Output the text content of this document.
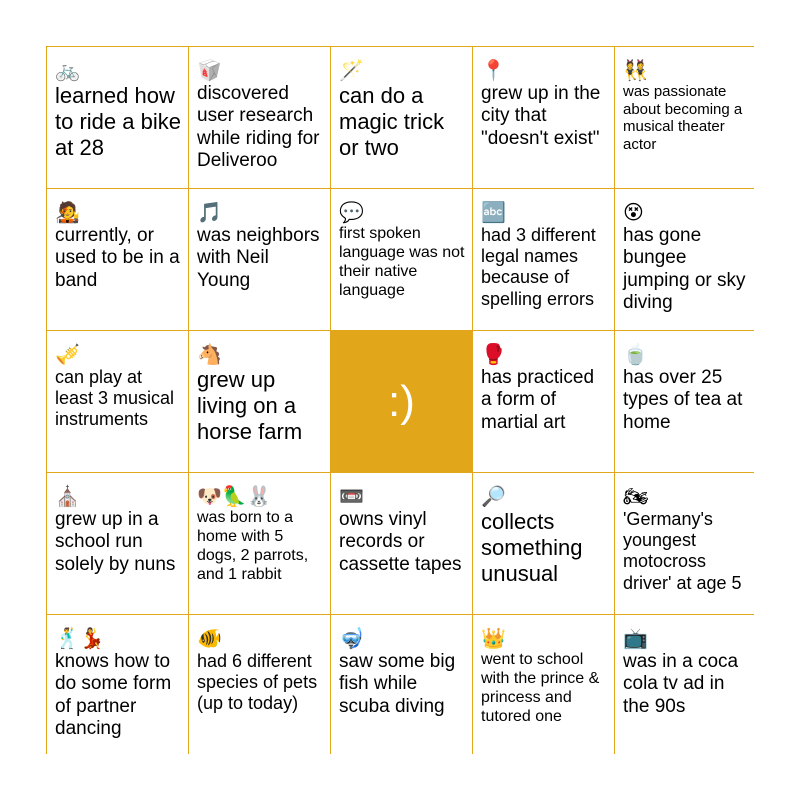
🚲
learned how to ride a bike at 28
🥡
discovered user research while riding for Deliveroo
🪄
can do a magic trick or two
📍
grew up in the city that "doesn't exist"
👯
was passionate about becoming a musical theater actor
🧑‍🎤
currently, or used to be in a band
🎵
was neighbors with Neil Young
💬
first spoken language was not their native language
🔤
had 3 different legal names because of spelling errors
😵
has gone bungee jumping or sky diving
🎺
can play at least 3 musical instruments
🐴
grew up living on a horse farm
:)
🥊
has practiced a form of martial art
🍵
has over 25 types of tea at home
⛪
grew up in a school run solely by nuns
🐶🦜🐰
was born to a home with 5 dogs, 2 parrots, and 1 rabbit
📼
owns vinyl records or cassette tapes
🔎
collects something unusual
🏍
'Germany's youngest motocross driver' at age 5
🕺💃
knows how to do some form of partner dancing
🐠
had 6 different species of pets (up to today)
🤿
saw some big fish while scuba diving
👑
went to school with the prince & princess and tutored one
📺
was in a coca cola tv ad in the 90s
